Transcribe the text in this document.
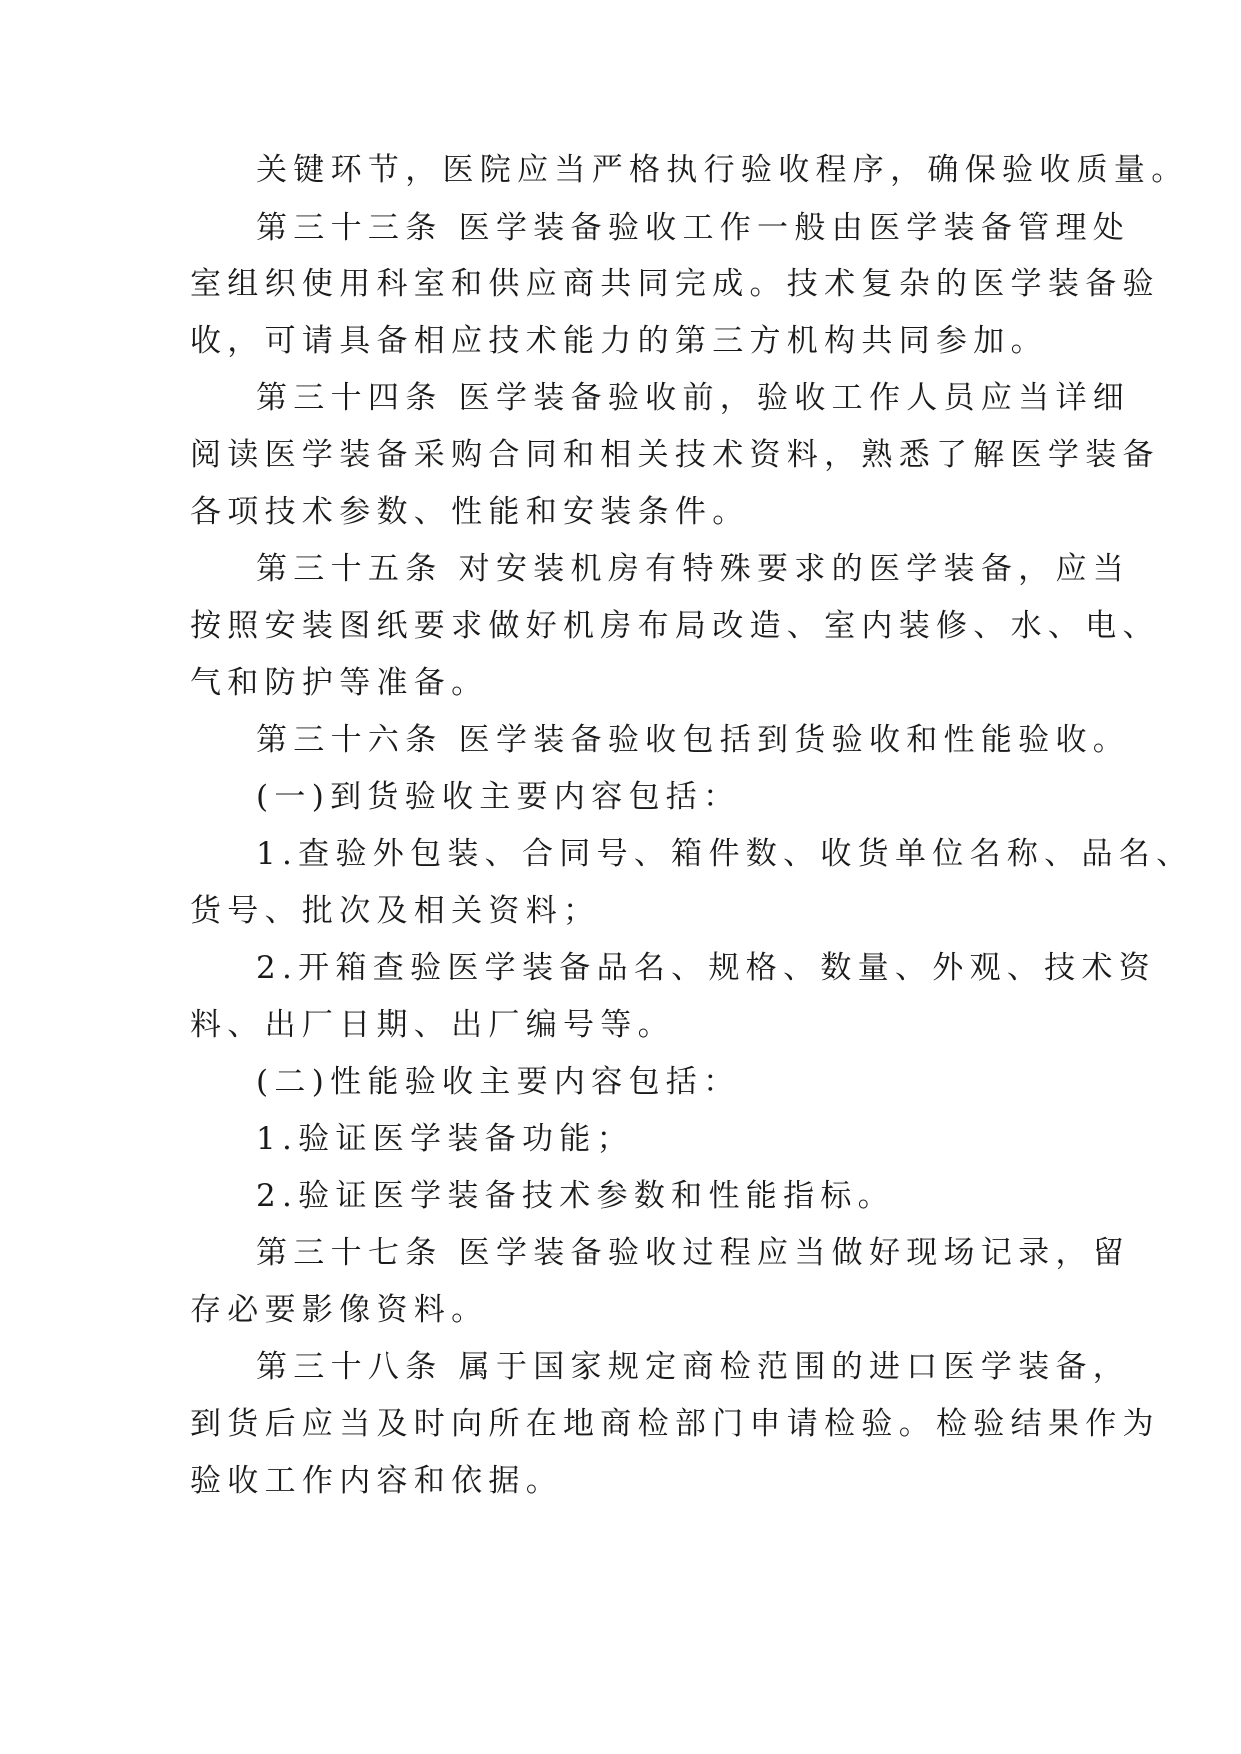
关键环节，医院应当严格执行验收程序，确保验收质量。
第三十三条 医学装备验收工作一般由医学装备管理处
室组织使用科室和供应商共同完成。技术复杂的医学装备验
收，可请具备相应技术能力的第三方机构共同参加。
第三十四条 医学装备验收前，验收工作人员应当详细
阅读医学装备采购合同和相关技术资料，熟悉了解医学装备
各项技术参数、性能和安装条件。
第三十五条 对安装机房有特殊要求的医学装备，应当
按照安装图纸要求做好机房布局改造、室内装修、水、电、
气和防护等准备。
第三十六条 医学装备验收包括到货验收和性能验收。
(一)到货验收主要内容包括：
1.查验外包装、合同号、箱件数、收货单位名称、品名、
货号、批次及相关资料；
2.开箱查验医学装备品名、规格、数量、外观、技术资
料、出厂日期、出厂编号等。
(二)性能验收主要内容包括：
1.验证医学装备功能；
2.验证医学装备技术参数和性能指标。
第三十七条 医学装备验收过程应当做好现场记录，留
存必要影像资料。
第三十八条 属于国家规定商检范围的进口医学装备，
到货后应当及时向所在地商检部门申请检验。检验结果作为
验收工作内容和依据。
